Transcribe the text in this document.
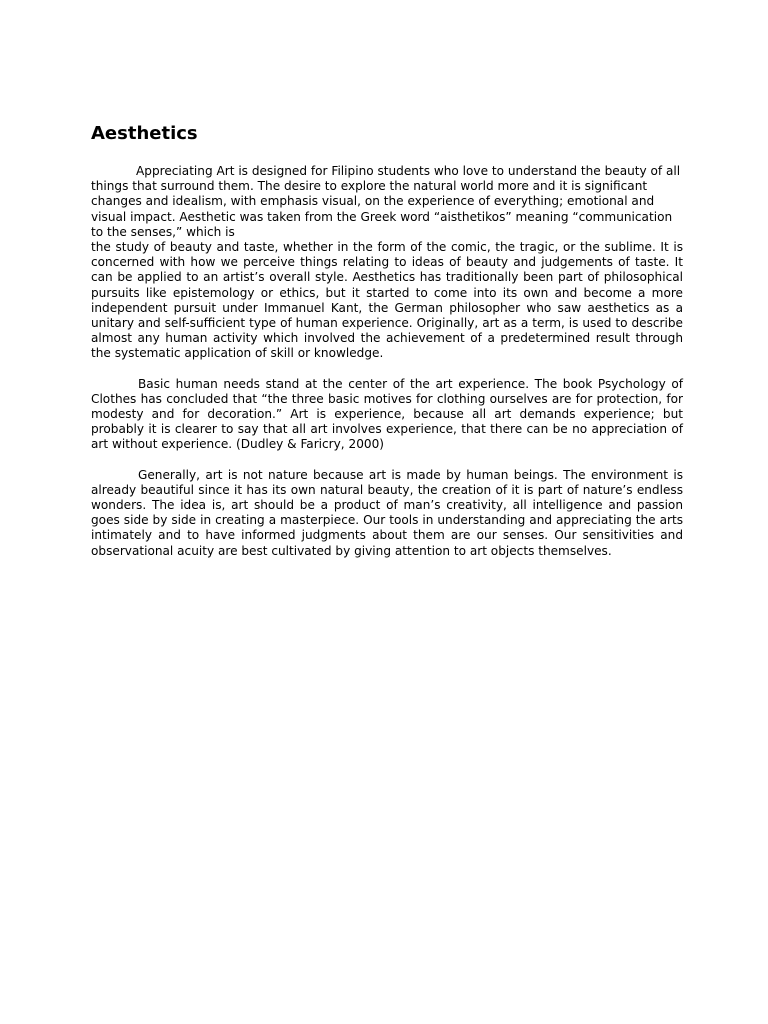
Aesthetics

Appreciating Art is designed for Filipino students who love to understand the beauty of all things that surround them. The desire to explore the natural world more and it is significant changes and idealism, with emphasis visual, on the experience of everything; emotional and visual impact. Aesthetic was taken from the Greek word “aisthetikos” meaning “communication to the senses,” which is

the study of beauty and taste, whether in the form of the comic, the tragic, or the sublime. It is concerned with how we perceive things relating to ideas of beauty and judgements of taste. It can be applied to an artist’s overall style. Aesthetics has traditionally been part of philosophical pursuits like epistemology or ethics, but it started to come into its own and become a more independent pursuit under Immanuel Kant, the German philosopher who saw aesthetics as a unitary and self-sufficient type of human experience. Originally, art as a term, is used to describe almost any human activity which involved the achievement of a predetermined result through the systematic application of skill or knowledge.

Basic human needs stand at the center of the art experience. The book Psychology of Clothes has concluded that “the three basic motives for clothing ourselves are for protection, for modesty and for decoration.” Art is experience, because all art demands experience; but probably it is clearer to say that all art involves experience, that there can be no appreciation of art without experience. (Dudley & Faricry, 2000)

Generally, art is not nature because art is made by human beings. The environment is already beautiful since it has its own natural beauty, the creation of it is part of nature’s endless wonders. The idea is, art should be a product of man’s creativity, all intelligence and passion goes side by side in creating a masterpiece. Our tools in understanding and appreciating the arts intimately and to have informed judgments about them are our senses. Our sensitivities and observational acuity are best cultivated by giving attention to art objects themselves.
